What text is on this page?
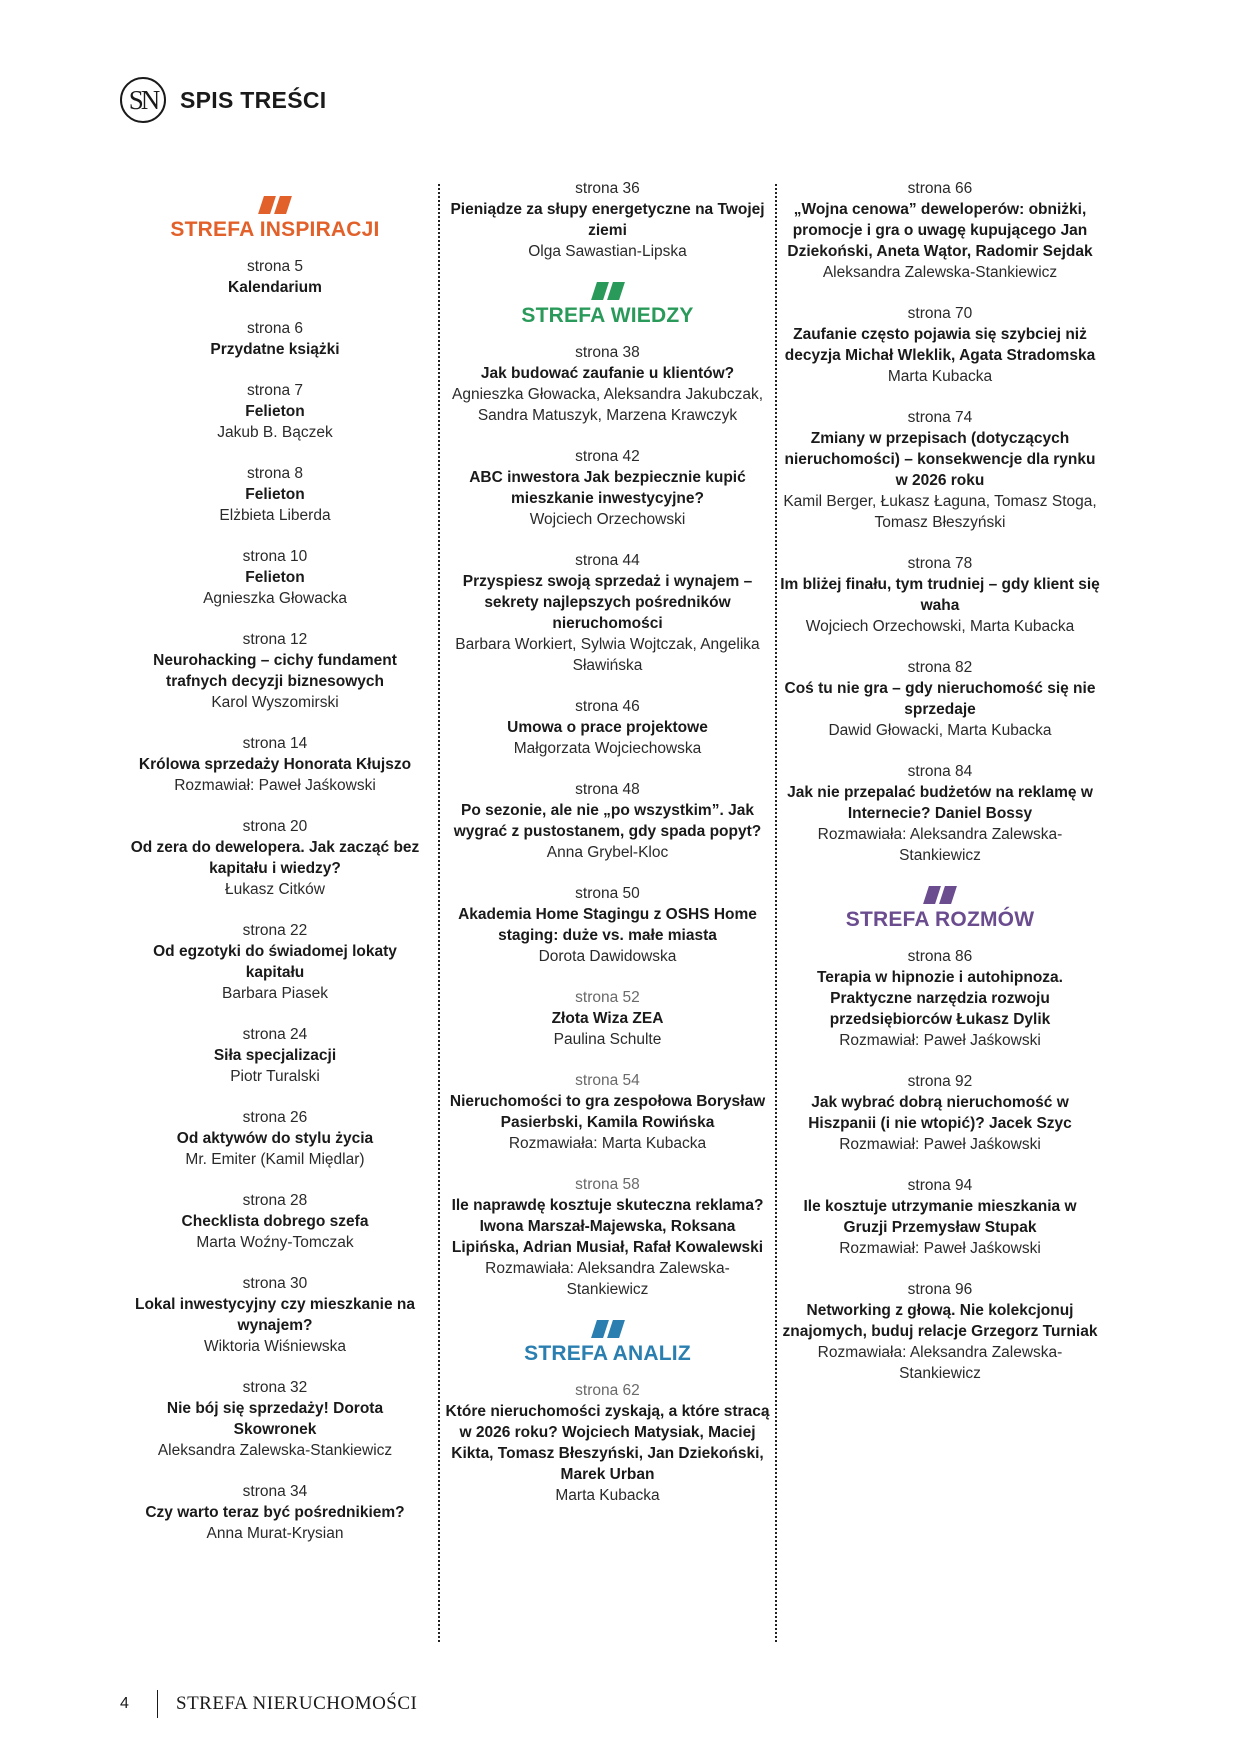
SN SPIS TREŚCI
STREFA INSPIRACJI
strona 5
Kalendarium
strona 6
Przydatne książki
strona 7
Felieton
Jakub B. Bączek
strona 8
Felieton
Elżbieta Liberda
strona 10
Felieton
Agnieszka Głowacka
strona 12
Neurohacking – cichy fundament trafnych decyzji biznesowych
Karol Wyszomirski
strona 14
Królowa sprzedaży Honorata Kłujszo
Rozmawiał: Paweł Jaśkowski
strona 20
Od zera do dewelopera. Jak zacząć bez kapitału i wiedzy?
Łukasz Citków
strona 22
Od egzotyki do świadomej lokaty kapitału
Barbara Piasek
strona 24
Siła specjalizacji
Piotr Turalski
strona 26
Od aktywów do stylu życia
Mr. Emiter (Kamil Międlar)
strona 28
Checklista dobrego szefa
Marta Woźny-Tomczak
strona 30
Lokal inwestycyjny czy mieszkanie na wynajem?
Wiktoria Wiśniewska
strona 32
Nie bój się sprzedaży! Dorota Skowronek
Aleksandra Zalewska-Stankiewicz
strona 34
Czy warto teraz być pośrednikiem?
Anna Murat-Krysian
strona 36
Pieniądze za słupy energetyczne na Twojej ziemi
Olga Sawastian-Lipska
STREFA WIEDZY
strona 38
Jak budować zaufanie u klientów?
Agnieszka Głowacka, Aleksandra Jakubczak, Sandra Matuszyk, Marzena Krawczyk
strona 42
ABC inwestora Jak bezpiecznie kupić mieszkanie inwestycyjne?
Wojciech Orzechowski
strona 44
Przyspiesz swoją sprzedaż i wynajem – sekrety najlepszych pośredników nieruchomości
Barbara Workiert, Sylwia Wojtczak, Angelika Sławińska
strona 46
Umowa o prace projektowe
Małgorzata Wojciechowska
strona 48
Po sezonie, ale nie „po wszystkim”. Jak wygrać z pustostanem, gdy spada popyt?
Anna Grybel-Kloc
strona 50
Akademia Home Stagingu z OSHS Home staging: duże vs. małe miasta
Dorota Dawidowska
strona 52
Złota Wiza ZEA
Paulina Schulte
strona 54
Nieruchomości to gra zespołowa Borysław Pasierbski, Kamila Rowińska
Rozmawiała: Marta Kubacka
strona 58
Ile naprawdę kosztuje skuteczna reklama? Iwona Marszał-Majewska, Roksana Lipińska, Adrian Musiał, Rafał Kowalewski
Rozmawiała: Aleksandra Zalewska-Stankiewicz
STREFA ANALIZ
strona 62
Które nieruchomości zyskają, a które stracą w 2026 roku? Wojciech Matysiak, Maciej Kikta, Tomasz Błeszyński, Jan Dziekoński, Marek Urban
Marta Kubacka
strona 66
„Wojna cenowa” deweloperów: obniżki, promocje i gra o uwagę kupującego Jan Dziekoński, Aneta Wątor, Radomir Sejdak
Aleksandra Zalewska-Stankiewicz
strona 70
Zaufanie często pojawia się szybciej niż decyzja Michał Wleklik, Agata Stradomska
Marta Kubacka
strona 74
Zmiany w przepisach (dotyczących nieruchomości) – konsekwencje dla rynku w 2026 roku
Kamil Berger, Łukasz Łaguna, Tomasz Stoga, Tomasz Błeszyński
strona 78
Im bliżej finału, tym trudniej – gdy klient się waha
Wojciech Orzechowski, Marta Kubacka
strona 82
Coś tu nie gra – gdy nieruchomość się nie sprzedaje
Dawid Głowacki, Marta Kubacka
strona 84
Jak nie przepalać budżetów na reklamę w Internecie? Daniel Bossy
Rozmawiała: Aleksandra Zalewska-Stankiewicz
STREFA ROZMÓW
strona 86
Terapia w hipnozie i autohipnoza. Praktyczne narzędzia rozwoju przedsiębiorców Łukasz Dylik
Rozmawiał: Paweł Jaśkowski
strona 92
Jak wybrać dobrą nieruchomość w Hiszpanii (i nie wtopić)? Jacek Szyc
Rozmawiał: Paweł Jaśkowski
strona 94
Ile kosztuje utrzymanie mieszkania w Gruzji Przemysław Stupak
Rozmawiał: Paweł Jaśkowski
strona 96
Networking z głową. Nie kolekcjonuj znajomych, buduj relacje Grzegorz Turniak
Rozmawiała: Aleksandra Zalewska-Stankiewicz
4	STREFA NIERUCHOMOŚCI
